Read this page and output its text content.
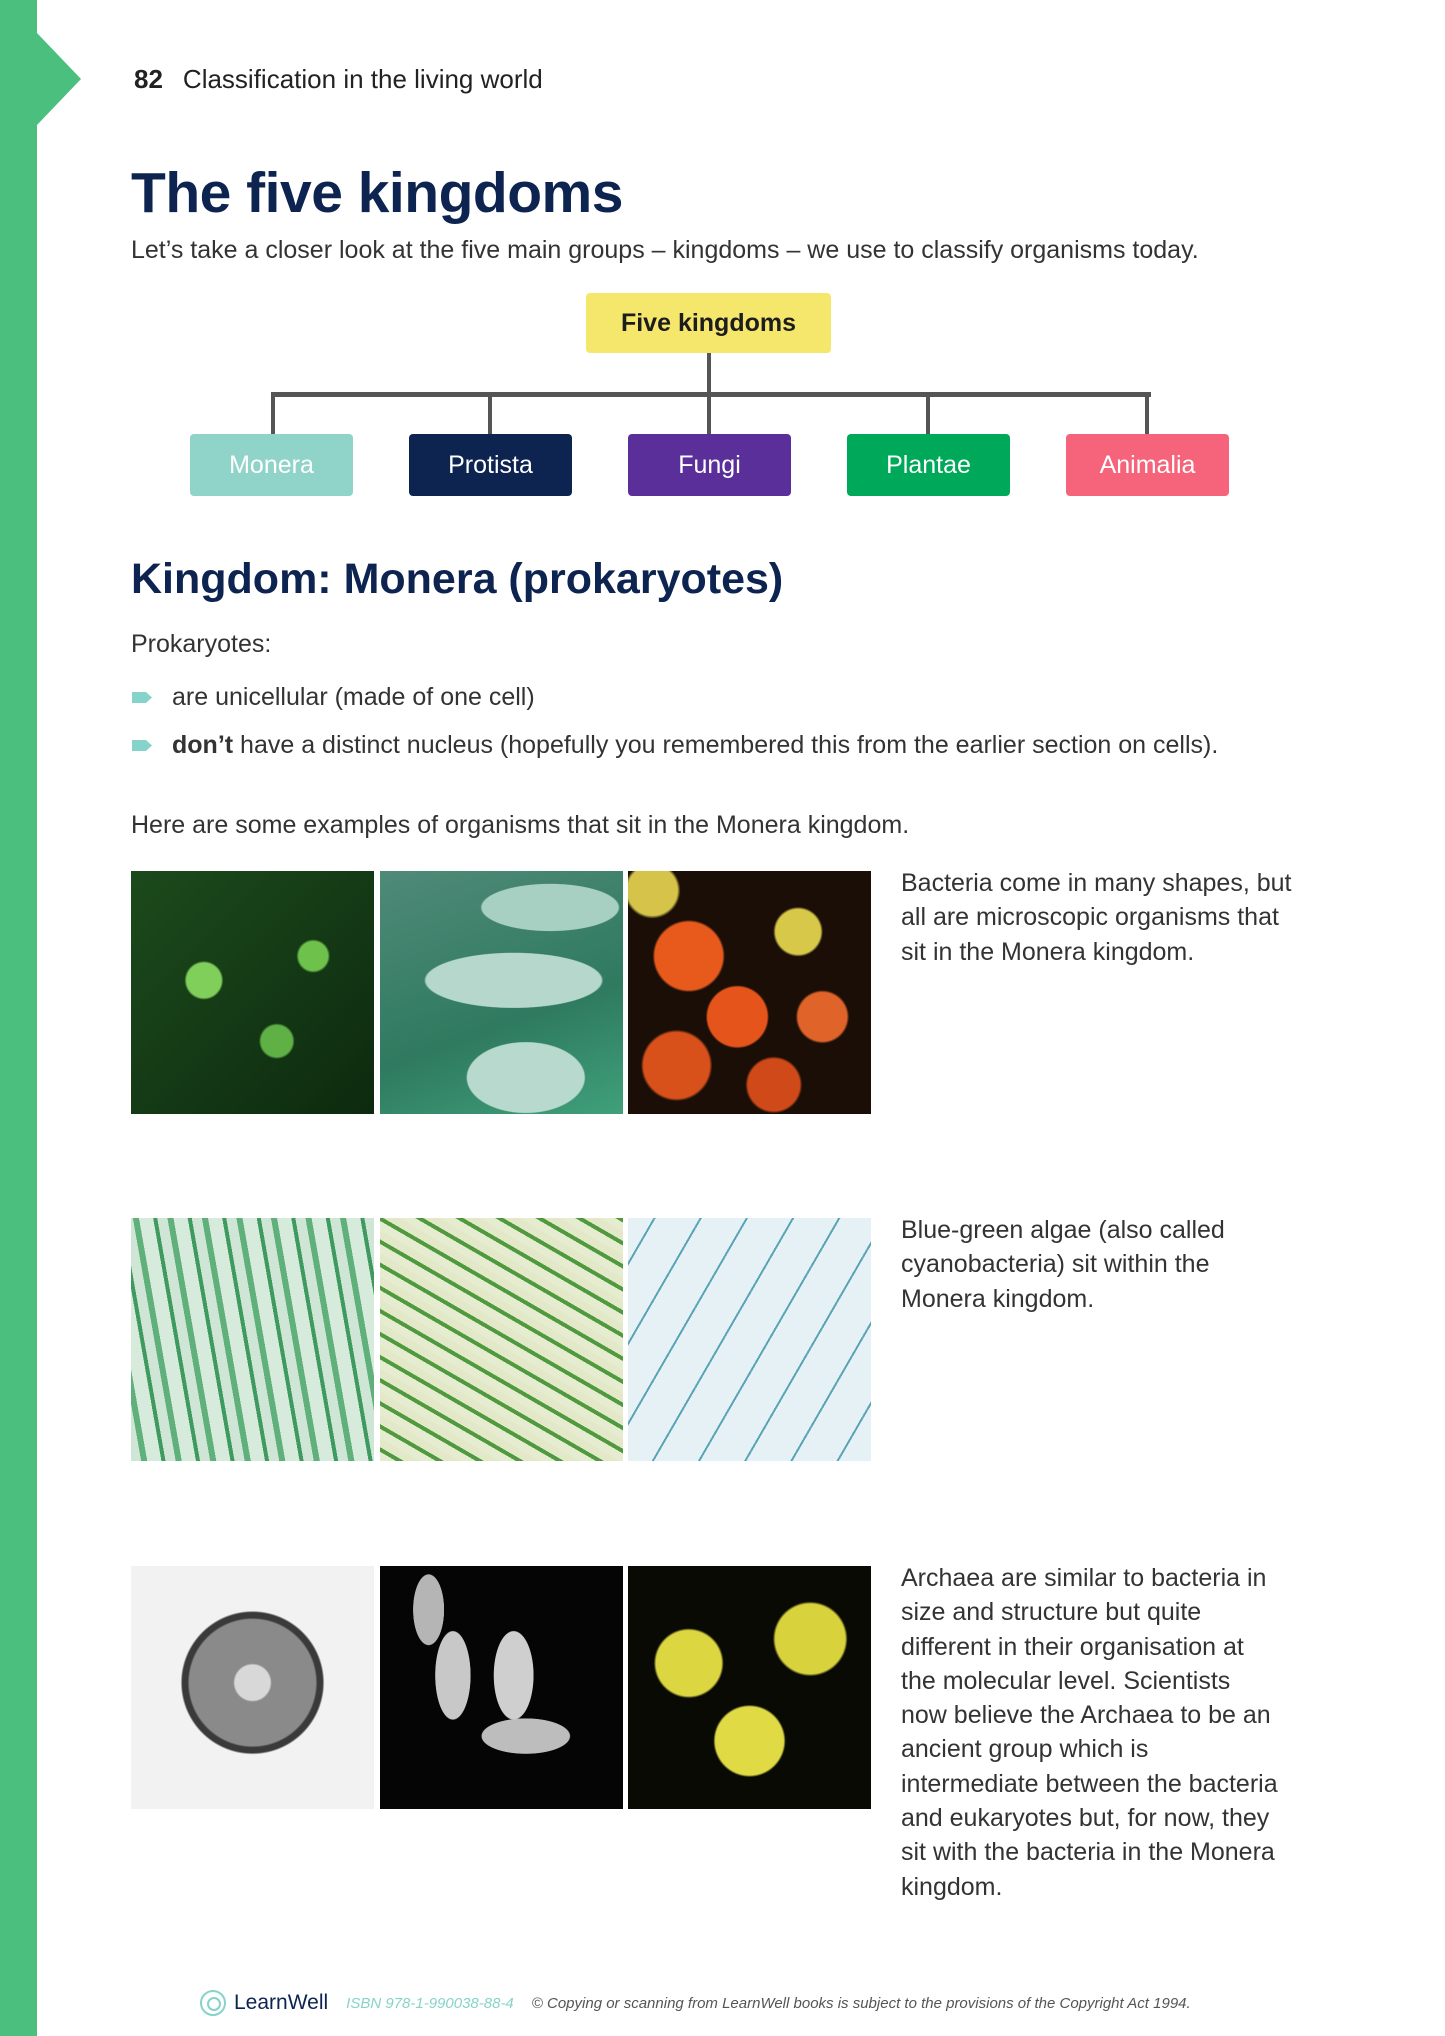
82 Classification in the living world
The five kingdoms
Let’s take a closer look at the five main groups – kingdoms – we use to classify organisms today.
Five kingdoms
Monera	Protista	Fungi	Plantae	Animalia
Kingdom: Monera (prokaryotes)
Prokaryotes:
are unicellular (made of one cell)
don’t have a distinct nucleus (hopefully you remembered this from the earlier section on cells).
Here are some examples of organisms that sit in the Monera kingdom.
Bacteria come in many shapes, but all are microscopic organisms that sit in the Monera kingdom.
Blue-green algae (also called cyanobacteria) sit within the Monera kingdom.
Archaea are similar to bacteria in size and structure but quite different in their organisation at the molecular level. Scientists now believe the Archaea to be an ancient group which is intermediate between the bacteria and eukaryotes but, for now, they sit with the bacteria in the Monera kingdom.
LearnWell ISBN 978-1-990038-88-4 © Copying or scanning from LearnWell books is subject to the provisions of the Copyright Act 1994.
